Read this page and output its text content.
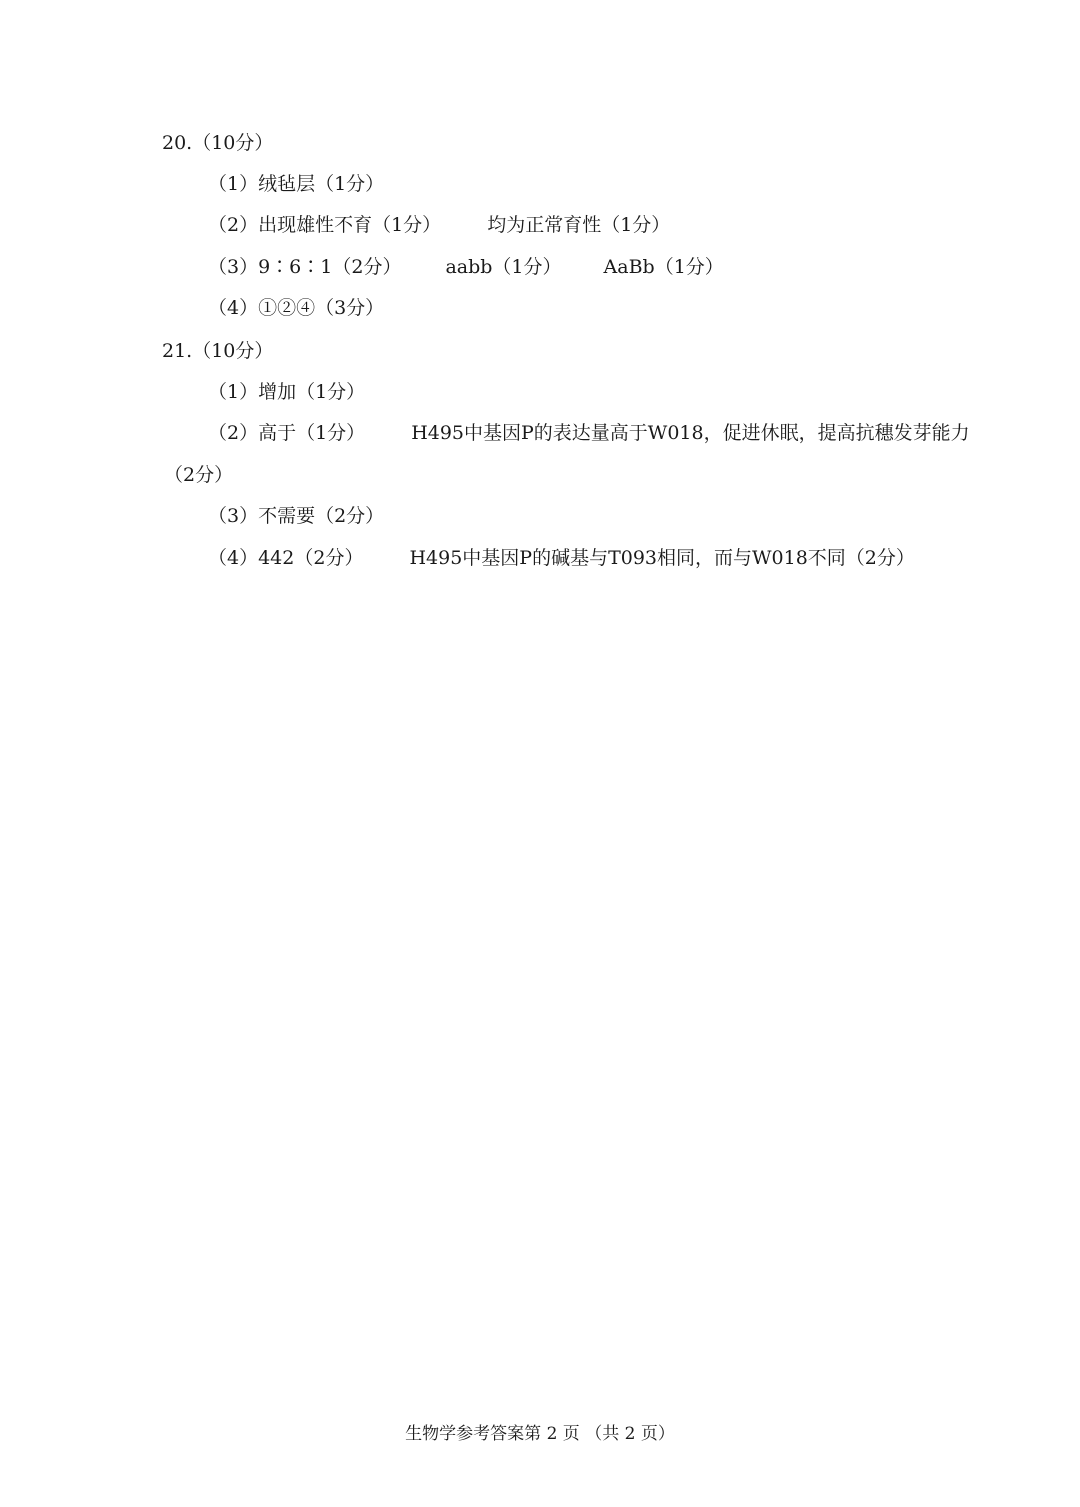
20.（10分）
（1）绒毡层（1分）
（2）出现雄性不育（1分） 均为正常育性（1分）
（3）9∶6∶1（2分） aabb（1分） AaBb（1分）
（4）①②④（3分）
21.（10分）
（1）增加（1分）
（2）高于（1分） H495中基因P的表达量高于W018，促进休眠，提高抗穗发芽能力
（2分）
（3）不需要（2分）
（4）442（2分） H495中基因P的碱基与T093相同，而与W018不同（2分）
生物学参考答案第 2 页 （共 2 页）
